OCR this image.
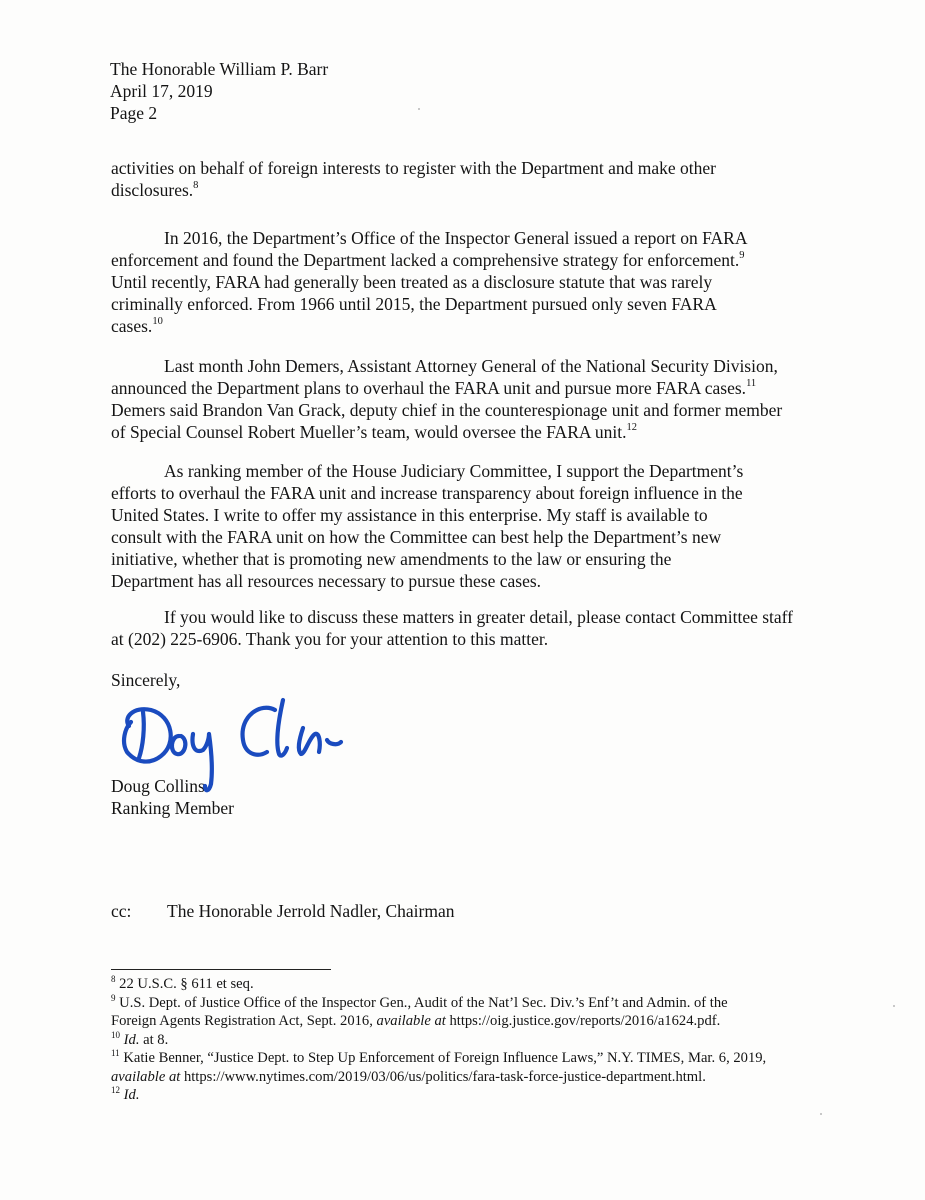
The Honorable William P. Barr
April 17, 2019
Page 2
activities on behalf of foreign interests to register with the Department and make other
disclosures.$^8$
In 2016, the Department’s Office of the Inspector General issued a report on FARA
enforcement and found the Department lacked a comprehensive strategy for enforcement.$^9$
Until recently, FARA had generally been treated as a disclosure statute that was rarely
criminally enforced. From 1966 until 2015, the Department pursued only seven FARA
cases.$^{10}$
Last month John Demers, Assistant Attorney General of the National Security Division,
announced the Department plans to overhaul the FARA unit and pursue more FARA cases.$^{11}$
Demers said Brandon Van Grack, deputy chief in the counterespionage unit and former member
of Special Counsel Robert Mueller’s team, would oversee the FARA unit.$^{12}$
As ranking member of the House Judiciary Committee, I support the Department’s
efforts to overhaul the FARA unit and increase transparency about foreign influence in the
United States. I write to offer my assistance in this enterprise. My staff is available to
consult with the FARA unit on how the Committee can best help the Department’s new
initiative, whether that is promoting new amendments to the law or ensuring the
Department has all resources necessary to pursue these cases.
If you would like to discuss these matters in greater detail, please contact Committee staff
at (202) 225-6906. Thank you for your attention to this matter.
Sincerely,
Doug Collins
Ranking Member
cc: The Honorable Jerrold Nadler, Chairman
$^8$ 22 U.S.C. § 611 et seq.
$^9$ U.S. Dept. of Justice Office of the Inspector Gen., Audit of the Nat’l Sec. Div.’s Enf’t and Admin. of the
Foreign Agents Registration Act, Sept. 2016, available at https://oig.justice.gov/reports/2016/a1624.pdf.
$^{10}$ Id. at 8.
$^{11}$ Katie Benner, “Justice Dept. to Step Up Enforcement of Foreign Influence Laws,” N.Y. TIMES, Mar. 6, 2019,
available at https://www.nytimes.com/2019/03/06/us/politics/fara-task-force-justice-department.html.
$^{12}$ Id.
